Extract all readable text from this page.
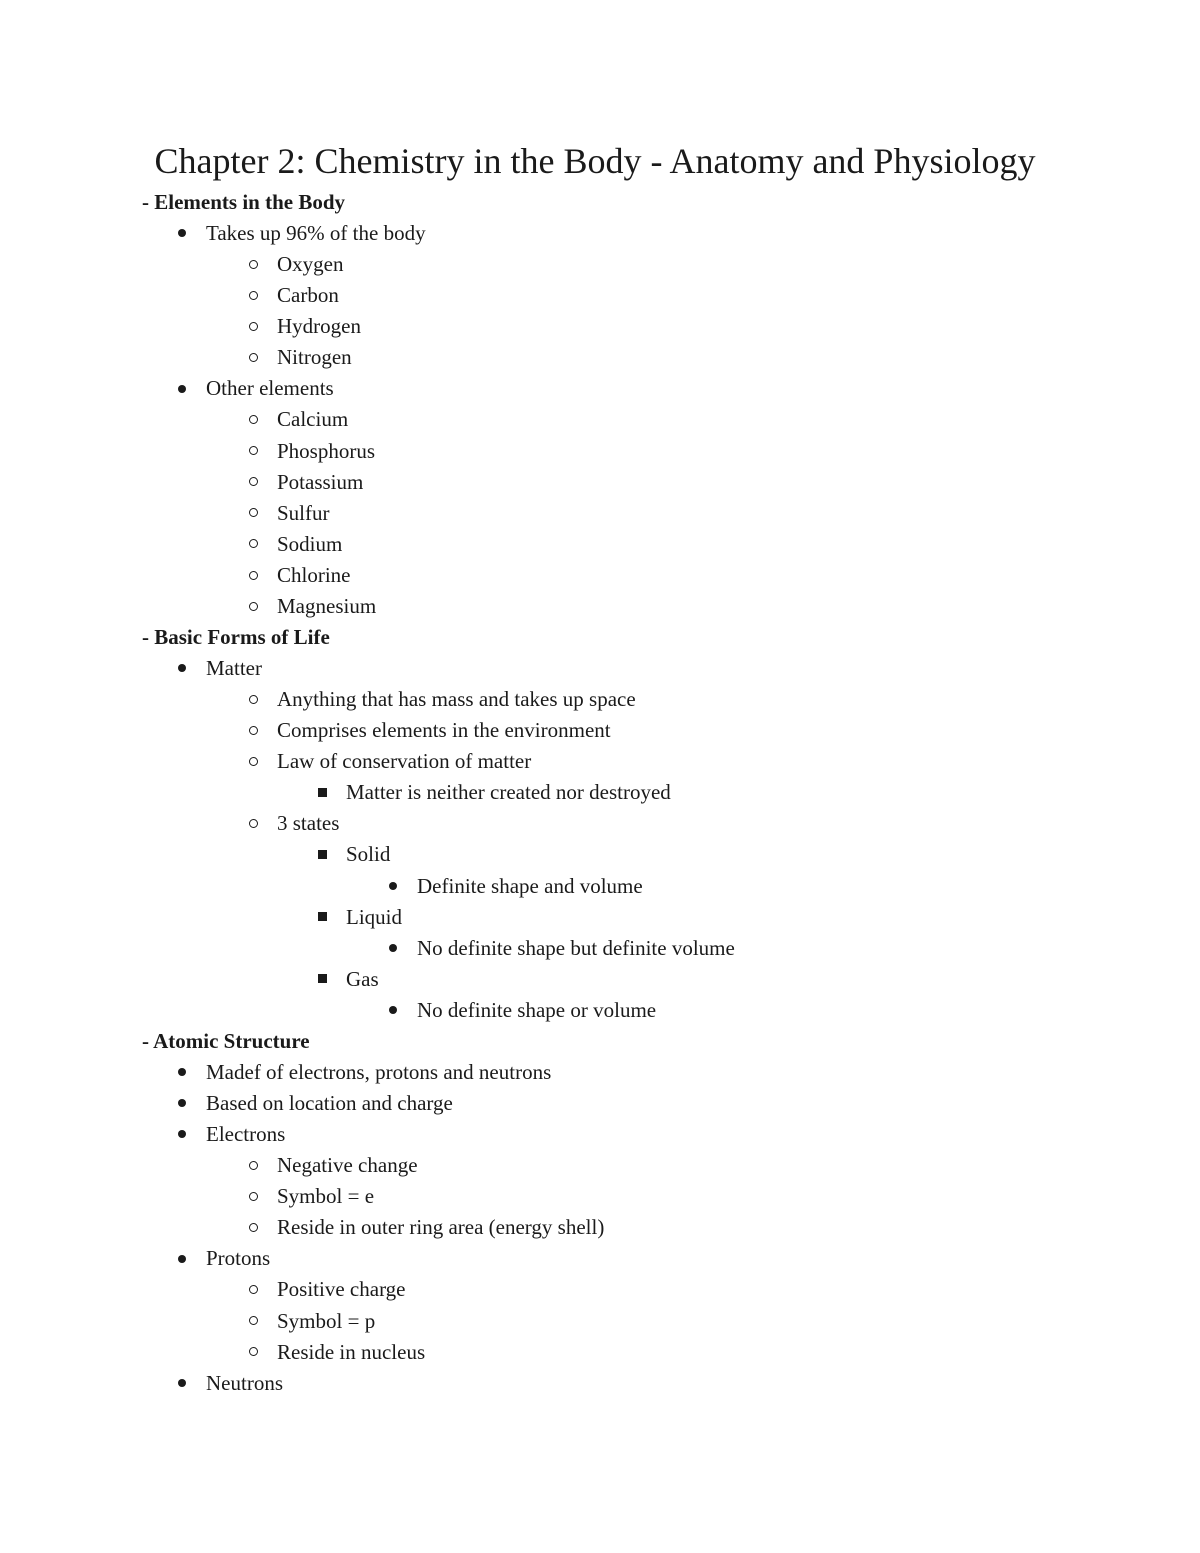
Chapter 2: Chemistry in the Body - Anatomy and Physiology
- Elements in the Body
Takes up 96% of the body
Oxygen
Carbon
Hydrogen
Nitrogen
Other elements
Calcium
Phosphorus
Potassium
Sulfur
Sodium
Chlorine
Magnesium
- Basic Forms of Life
Matter
Anything that has mass and takes up space
Comprises elements in the environment
Law of conservation of matter
Matter is neither created nor destroyed
3 states
Solid
Definite shape and volume
Liquid
No definite shape but definite volume
Gas
No definite shape or volume
- Atomic Structure
Madef of electrons, protons and neutrons
Based on location and charge
Electrons
Negative change
Symbol = e
Reside in outer ring area (energy shell)
Protons
Positive charge
Symbol = p
Reside in nucleus
Neutrons
